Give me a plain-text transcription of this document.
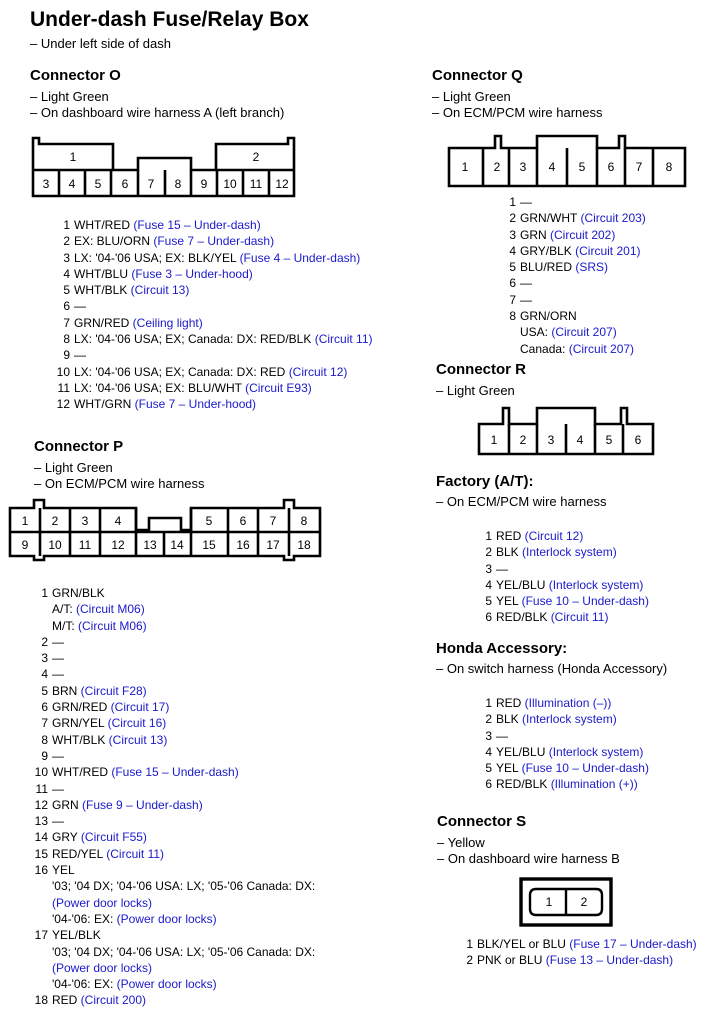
Under-dash Fuse/Relay Box
– Under left side of dash
Connector O
– Light Green
– On dashboard wire harness A (left branch)
1	2
3 4 5 6 7 8 9 10 11 12
1 WHT/RED (Fuse 15 – Under-dash)
2 EX: BLU/ORN (Fuse 7 – Under-dash)
3 LX: '04-'06 USA; EX: BLK/YEL (Fuse 4 – Under-dash)
4 WHT/BLU (Fuse 3 – Under-hood)
5 WHT/BLK (Circuit 13)
6 —
7 GRN/RED (Ceiling light)
8 LX: '04-'06 USA; EX; Canada: DX: RED/BLK (Circuit 11)
9 —
10 LX: '04-'06 USA; EX; Canada: DX: RED (Circuit 12)
11 LX: '04-'06 USA; EX: BLU/WHT (Circuit E93)
12 WHT/GRN (Fuse 7 – Under-hood)
Connector P
– Light Green
– On ECM/PCM wire harness
1 2 3 4	5 6 7 8
9 10 11 12 13 14 15 16 17 18
1 GRN/BLK
A/T: (Circuit M06)
M/T: (Circuit M06)
2 —
3 —
4 —
5 BRN (Circuit F28)
6 GRN/RED (Circuit 17)
7 GRN/YEL (Circuit 16)
8 WHT/BLK (Circuit 13)
9 —
10 WHT/RED (Fuse 15 – Under-dash)
11 —
12 GRN (Fuse 9 – Under-dash)
13 —
14 GRY (Circuit F55)
15 RED/YEL (Circuit 11)
16 YEL
'03; '04 DX; '04-'06 USA: LX; '05-'06 Canada: DX:
(Power door locks)
'04-'06: EX: (Power door locks)
17 YEL/BLK
'03; '04 DX; '04-'06 USA: LX; '05-'06 Canada: DX:
(Power door locks)
'04-'06: EX: (Power door locks)
18 RED (Circuit 200)
Connector Q
– Light Green
– On ECM/PCM wire harness
1 2 3 4 5 6 7 8
1 —
2 GRN/WHT (Circuit 203)
3 GRN (Circuit 202)
4 GRY/BLK (Circuit 201)
5 BLU/RED (SRS)
6 —
7 —
8 GRN/ORN
USA: (Circuit 207)
Canada: (Circuit 207)
Connector R
– Light Green
1 2 3 4 5 6
Factory (A/T):
– On ECM/PCM wire harness
1 RED (Circuit 12)
2 BLK (Interlock system)
3 —
4 YEL/BLU (Interlock system)
5 YEL (Fuse 10 – Under-dash)
6 RED/BLK (Circuit 11)
Honda Accessory:
– On switch harness (Honda Accessory)
1 RED (Illumination (–))
2 BLK (Interlock system)
3 —
4 YEL/BLU (Interlock system)
5 YEL (Fuse 10 – Under-dash)
6 RED/BLK (Illumination (+))
Connector S
– Yellow
– On dashboard wire harness B
1 2
1 BLK/YEL or BLU (Fuse 17 – Under-dash)
2 PNK or BLU (Fuse 13 – Under-dash)
